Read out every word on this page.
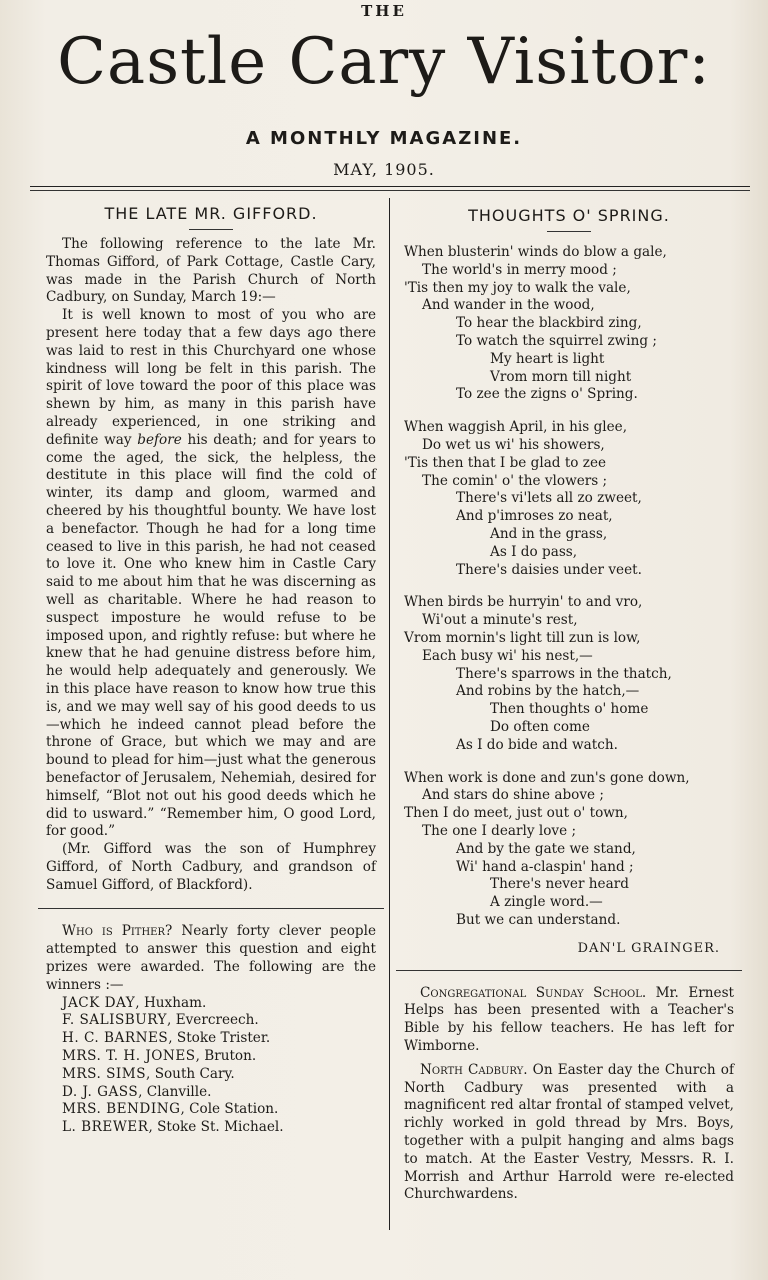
THE
Castle Cary Visitor:
A MONTHLY MAGAZINE.
MAY, 1905.
THE LATE MR. GIFFORD.

The following reference to the late Mr. Thomas Gifford, of Park Cottage, Castle Cary, was made in the Parish Church of North Cadbury, on Sunday, March 19:—

It is well known to most of you who are present here today that a few days ago there was laid to rest in this Churchyard one whose kindness will long be felt in this parish. The spirit of love toward the poor of this place was shewn by him, as many in this parish have already experienced, in one striking and definite way before his death; and for years to come the aged, the sick, the helpless, the destitute in this place will find the cold of winter, its damp and gloom, warmed and cheered by his thoughtful bounty. We have lost a benefactor. Though he had for a long time ceased to live in this parish, he had not ceased to love it. One who knew him in Castle Cary said to me about him that he was discerning as well as charitable. Where he had reason to suspect imposture he would refuse to be imposed upon, and rightly refuse: but where he knew that he had genuine distress before him, he would help adequately and generously. We in this place have reason to know how true this is, and we may well say of his good deeds to us—which he indeed cannot plead before the throne of Grace, but which we may and are bound to plead for him—just what the generous benefactor of Jerusalem, Nehemiah, desired for himself, “Blot not out his good deeds which he did to usward.” “Remember him, O good Lord, for good.”

(Mr. Gifford was the son of Humphrey Gifford, of North Cadbury, and grandson of Samuel Gifford, of Blackford).

Who is Pither? Nearly forty clever people attempted to answer this question and eight prizes were awarded. The following are the winners :—

JACK DAY, Huxham.
F. SALISBURY, Evercreech.
H. C. BARNES, Stoke Trister.
MRS. T. H. JONES, Bruton.
MRS. SIMS, South Cary.
D. J. GASS, Clanville.
MRS. BENDING, Cole Station.
L. BREWER, Stoke St. Michael.
THOUGHTS O' SPRING.
When blusterin' winds do blow a gale,
The world's in merry mood ;
'Tis then my joy to walk the vale,
And wander in the wood,
To hear the blackbird zing,
To watch the squirrel zwing ;
My heart is light
Vrom morn till night
To zee the zigns o' Spring.
When waggish April, in his glee,
Do wet us wi' his showers,
'Tis then that I be glad to zee
The comin' o' the vlowers ;
There's vi'lets all zo zweet,
And p'imroses zo neat,
And in the grass,
As I do pass,
There's daisies under veet.
When birds be hurryin' to and vro,
Wi'out a minute's rest,
Vrom mornin's light till zun is low,
Each busy wi' his nest,—
There's sparrows in the thatch,
And robins by the hatch,—
Then thoughts o' home
Do often come
As I do bide and watch.
When work is done and zun's gone down,
And stars do shine above ;
Then I do meet, just out o' town,
The one I dearly love ;
And by the gate we stand,
Wi' hand a-claspin' hand ;
There's never heard
A zingle word.—
But we can understand.
DAN'L GRAINGER.

Congregational Sunday School. Mr. Ernest Helps has been presented with a Teacher's Bible by his fellow teachers. He has left for Wimborne.

North Cadbury. On Easter day the Church of North Cadbury was presented with a magnificent red altar frontal of stamped velvet, richly worked in gold thread by Mrs. Boys, together with a pulpit hanging and alms bags to match. At the Easter Vestry, Messrs. R. I. Morrish and Arthur Harrold were re-elected Churchwardens.
